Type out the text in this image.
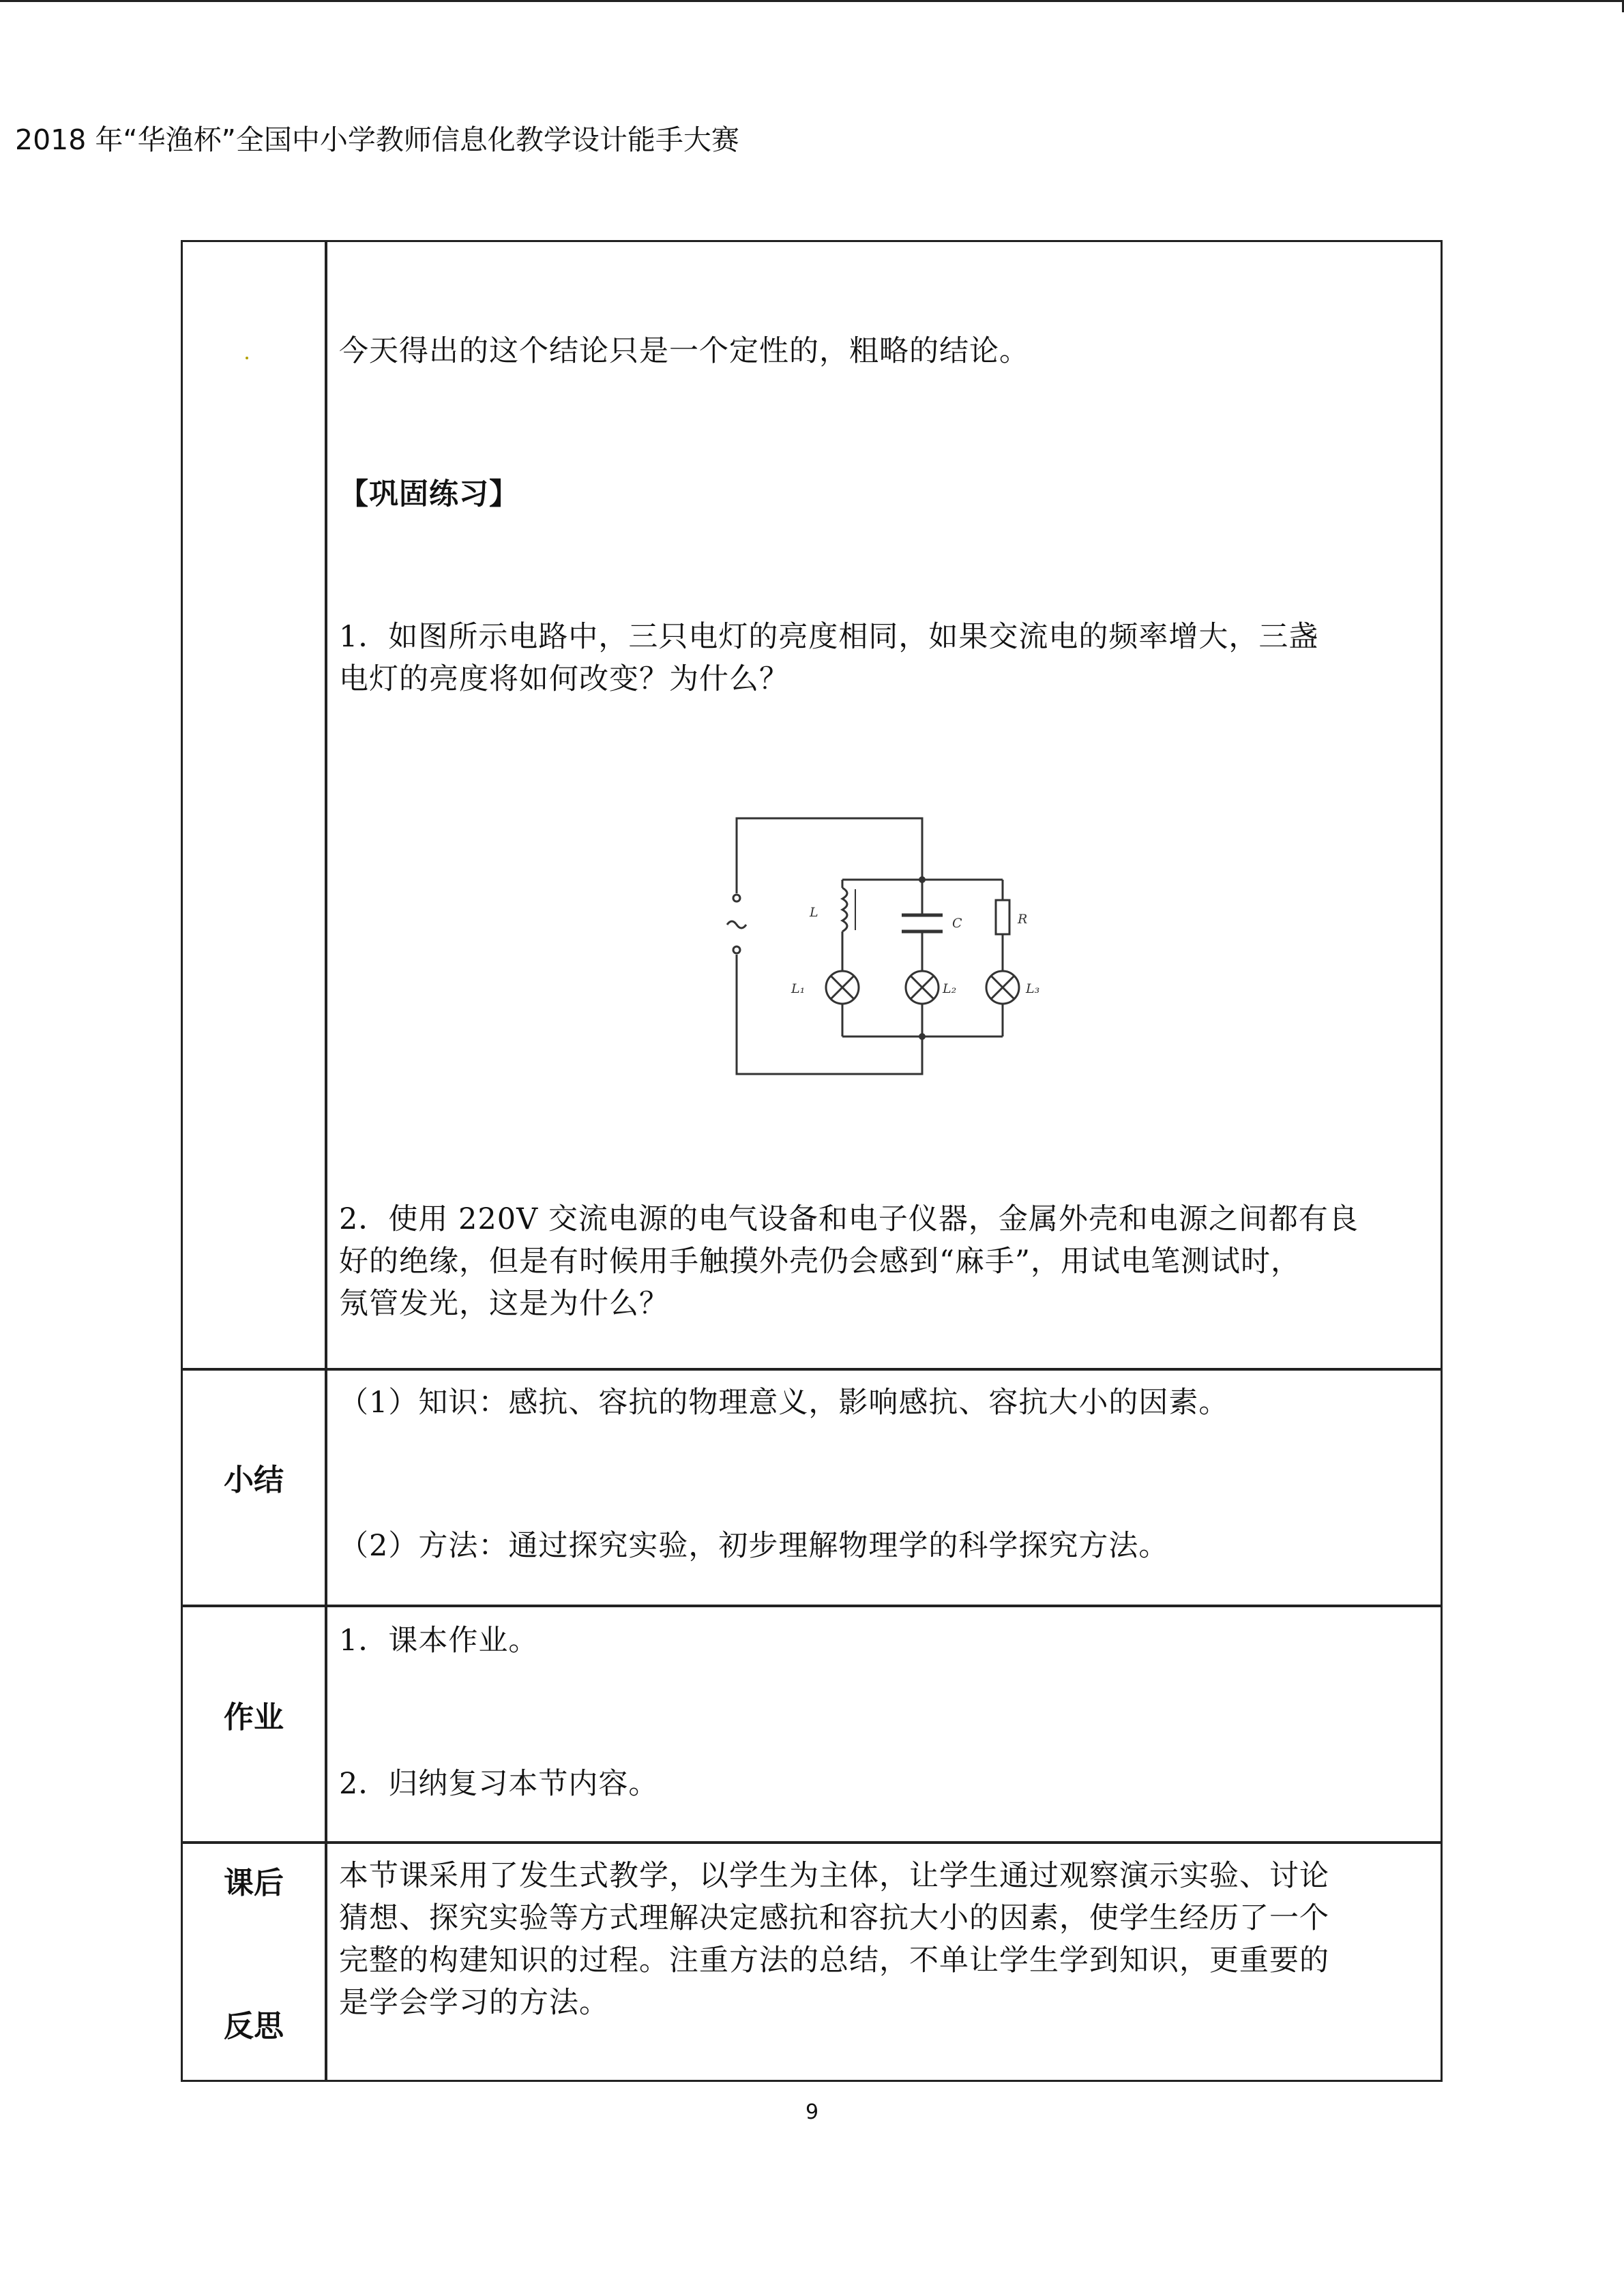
2018 年“华渔杯”全国中小学教师信息化教学设计能手大赛
今天得出的这个结论只是一个定性的，粗略的结论。
【巩固练习】
1．如图所示电路中，三只电灯的亮度相同，如果交流电的频率增大，三盏
电灯的亮度将如何改变？为什么？
L
C	R
L₁	L₂	L₃
2．使用 220V 交流电源的电气设备和电子仪器，金属外壳和电源之间都有良
好的绝缘，但是有时候用手触摸外壳仍会感到“麻手”，用试电笔测试时，
氖管发光，这是为什么？
小结
（1）知识：感抗、容抗的物理意义，影响感抗、容抗大小的因素。
（2）方法：通过探究实验，初步理解物理学的科学探究方法。
作业
1．课本作业。
2．归纳复习本节内容。
课后
反思
本节课采用了发生式教学，以学生为主体，让学生通过观察演示实验、讨论
猜想、探究实验等方式理解决定感抗和容抗大小的因素，使学生经历了一个
完整的构建知识的过程。注重方法的总结，不单让学生学到知识，更重要的
是学会学习的方法。
9
